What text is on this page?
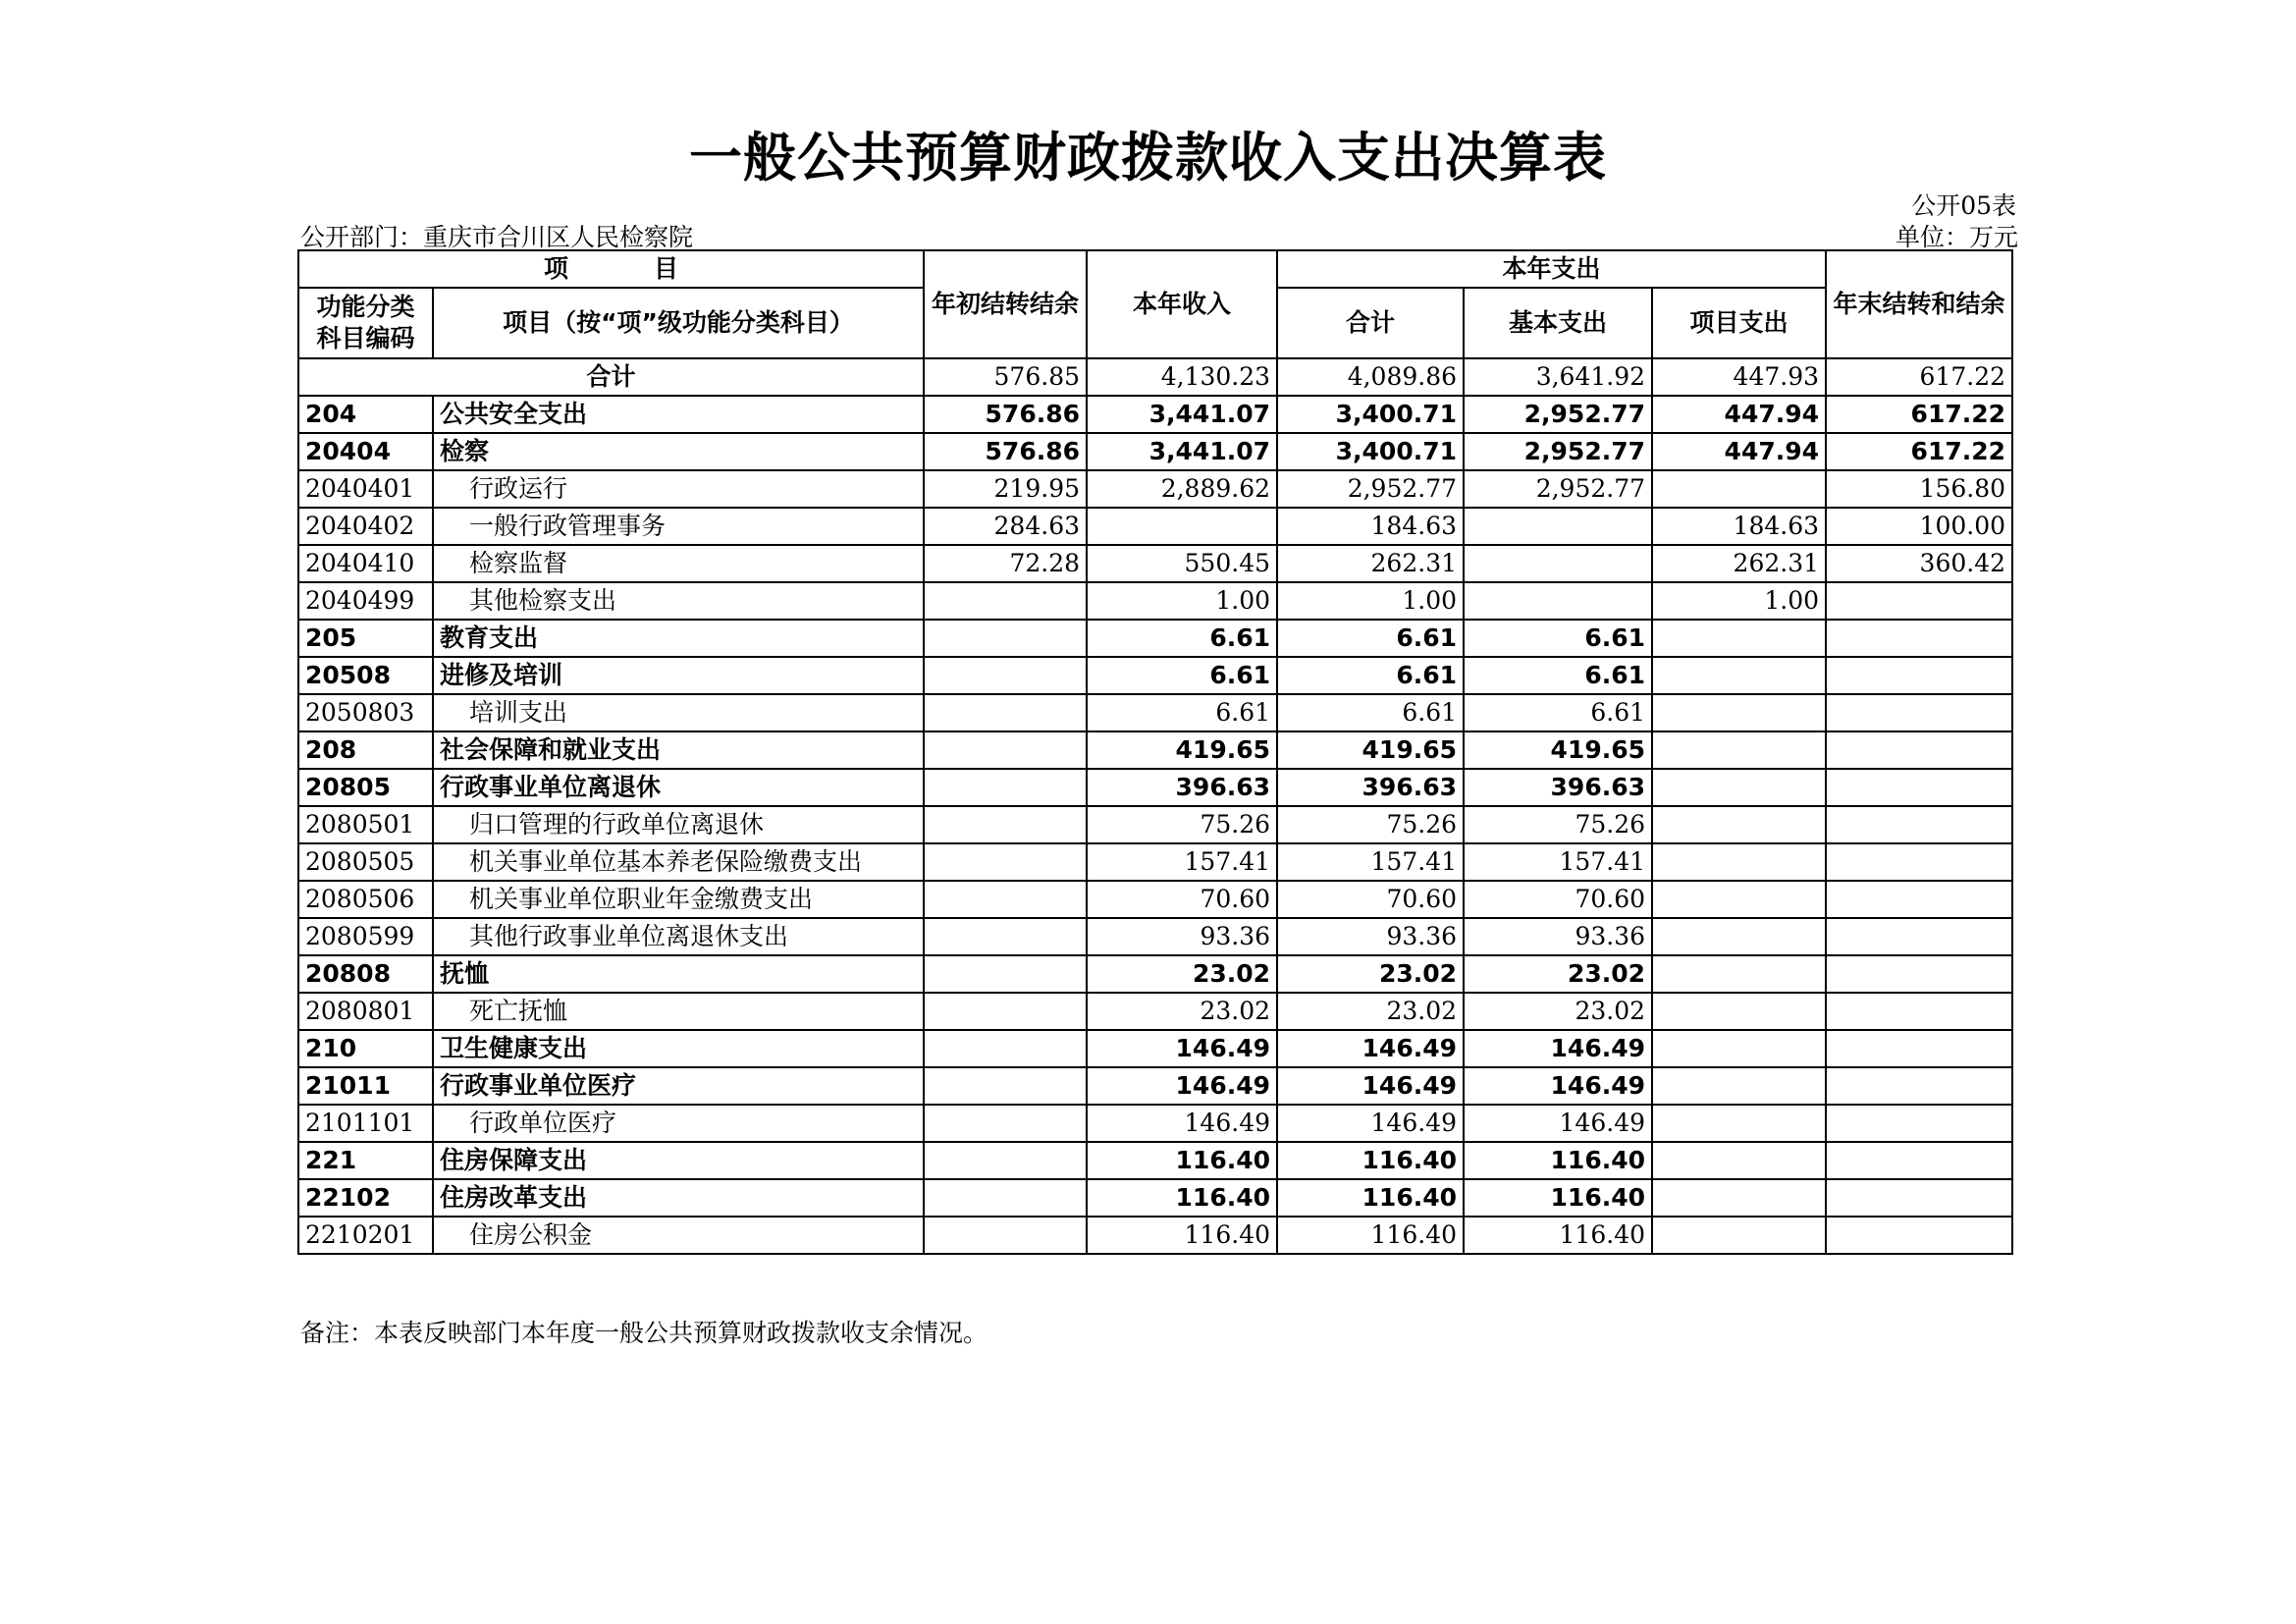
一般公共预算财政拨款收入支出决算表
公开05表
公开部门：重庆市合川区人民检察院	单位：万元
项          目		年初结转结余	本年收入	本年支出			年末结转和结余
功能分类科目编码	项目（按“项”级功能分类科目）			合计	基本支出	项目支出	
合计		576.85	4,130.23	4,089.86	3,641.92	447.93	617.22
204	公共安全支出	576.86	3,441.07	3,400.71	2,952.77	447.94	617.22
20404	检察	576.86	3,441.07	3,400.71	2,952.77	447.94	617.22
2040401	行政运行	219.95	2,889.62	2,952.77	2,952.77		156.80
2040402	一般行政管理事务	284.63		184.63		184.63	100.00
2040410	检察监督	72.28	550.45	262.31		262.31	360.42
2040499	其他检察支出		1.00	1.00		1.00	
205	教育支出		6.61	6.61	6.61		
20508	进修及培训		6.61	6.61	6.61		
2050803	培训支出		6.61	6.61	6.61		
208	社会保障和就业支出		419.65	419.65	419.65		
20805	行政事业单位离退休		396.63	396.63	396.63		
2080501	归口管理的行政单位离退休		75.26	75.26	75.26		
2080505	机关事业单位基本养老保险缴费支出		157.41	157.41	157.41		
2080506	机关事业单位职业年金缴费支出		70.60	70.60	70.60		
2080599	其他行政事业单位离退休支出		93.36	93.36	93.36		
20808	抚恤		23.02	23.02	23.02		
2080801	死亡抚恤		23.02	23.02	23.02		
210	卫生健康支出		146.49	146.49	146.49		
21011	行政事业单位医疗		146.49	146.49	146.49		
2101101	行政单位医疗		146.49	146.49	146.49		
221	住房保障支出		116.40	116.40	116.40		
22102	住房改革支出		116.40	116.40	116.40		
2210201	住房公积金		116.40	116.40	116.40		
备注：本表反映部门本年度一般公共预算财政拨款收支余情况。
